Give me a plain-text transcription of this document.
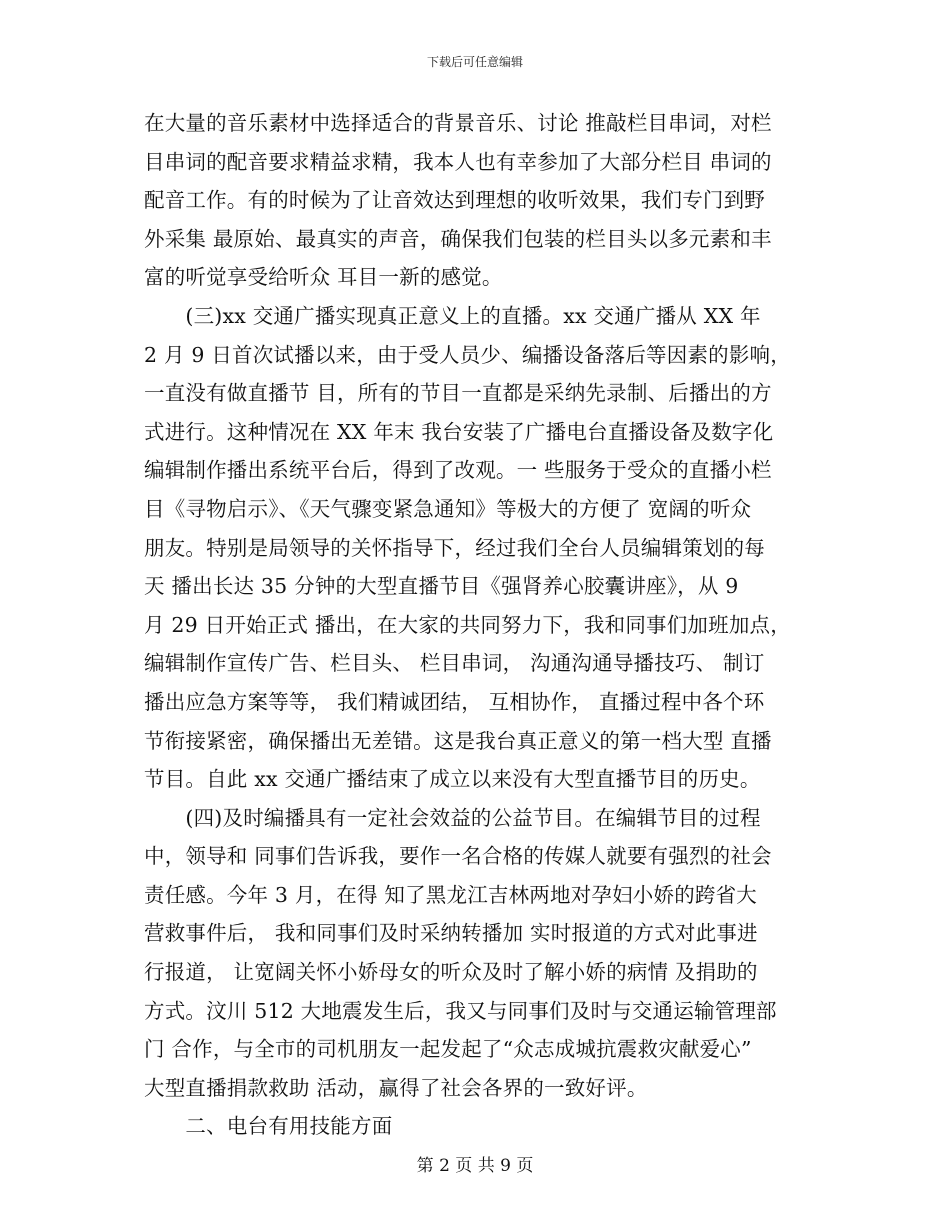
下载后可任意编辑
在大量的音乐素材中选择适合的背景音乐、讨论 推敲栏目串词，对栏
目串词的配音要求精益求精，我本人也有幸参加了大部分栏目 串词的
配音工作。有的时候为了让音效达到理想的收听效果，我们专门到野
外采集 最原始、最真实的声音，确保我们包装的栏目头以多元素和丰
富的听觉享受给听众 耳目一新的感觉。
　　(三)xx 交通广播实现真正意义上的直播。xx 交通广播从 XX 年
2 月 9 日首次试播以来，由于受人员少、编播设备落后等因素的影响，
一直没有做直播节 目，所有的节目一直都是采纳先录制、后播出的方
式进行。这种情况在 XX 年末 我台安装了广播电台直播设备及数字化
编辑制作播出系统平台后，得到了改观。一 些服务于受众的直播小栏
目《寻物启示》、《天气骤变紧急通知》等极大的方便了 宽阔的听众
朋友。特别是局领导的关怀指导下，经过我们全台人员编辑策划的每
天 播出长达 35 分钟的大型直播节目《强肾养心胶囊讲座》，从 9
月 29 日开始正式 播出，在大家的共同努力下，我和同事们加班加点，
编辑制作宣传广告、栏目头、 栏目串词， 沟通沟通导播技巧、 制订
播出应急方案等等， 我们精诚团结， 互相协作， 直播过程中各个环
节衔接紧密，确保播出无差错。这是我台真正意义的第一档大型 直播
节目。自此 xx 交通广播结束了成立以来没有大型直播节目的历史。
　　(四)及时编播具有一定社会效益的公益节目。在编辑节目的过程
中，领导和 同事们告诉我，要作一名合格的传媒人就要有强烈的社会
责任感。今年 3 月，在得 知了黑龙江吉林两地对孕妇小娇的跨省大
营救事件后， 我和同事们及时采纳转播加 实时报道的方式对此事进
行报道， 让宽阔关怀小娇母女的听众及时了解小娇的病情 及捐助的
方式。汶川 512 大地震发生后，我又与同事们及时与交通运输管理部
门 合作，与全市的司机朋友一起发起了“众志成城抗震救灾献爱心”
大型直播捐款救助 活动，赢得了社会各界的一致好评。
　　二、电台有用技能方面
第 2 页 共 9 页
